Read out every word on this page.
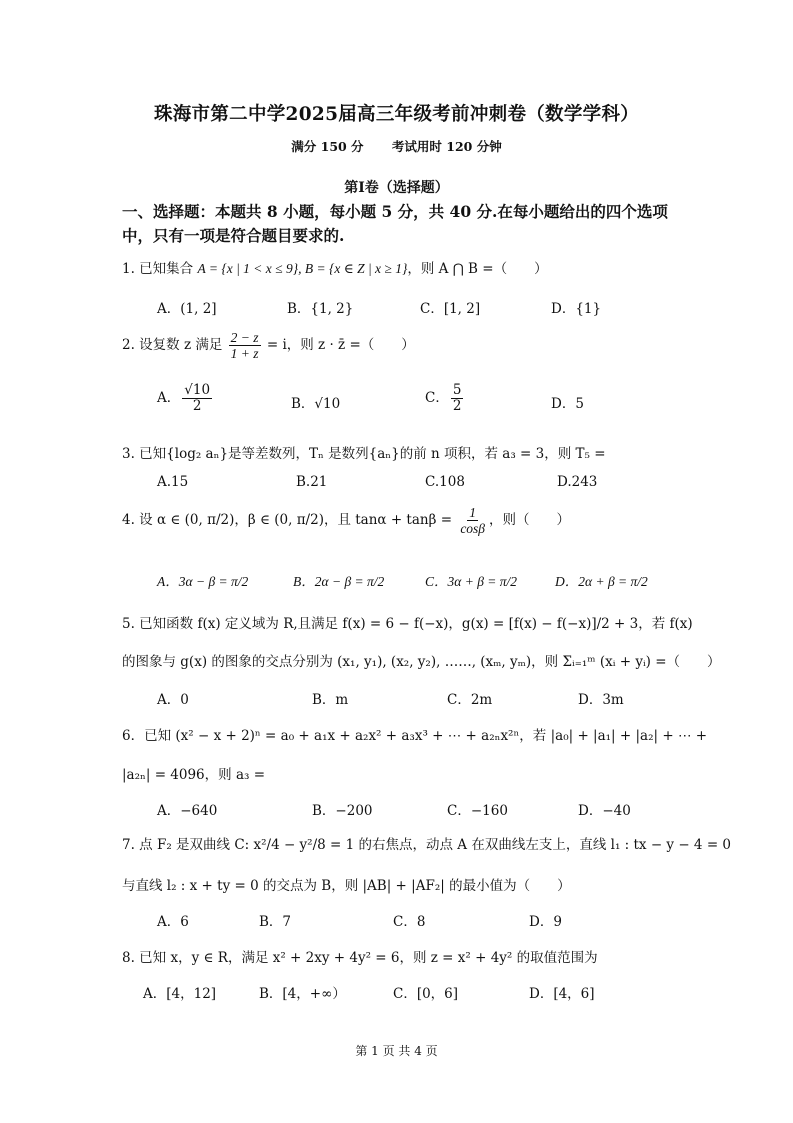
珠海市第二中学2025届高三年级考前冲刺卷（数学学科）
满分 150 分 考试用时 120 分钟
第Ⅰ卷（选择题）
一、选择题：本题共 8 小题，每小题 5 分，共 40 分.在每小题给出的四个选项中，只有一项是符合题目要求的.
1. 已知集合 A = {x | 1 < x ≤ 9}, B = {x ∈ Z | x ≥ 1}，则 A ⋂ B =（　　）
A．(1, 2]	B．{1, 2}	C．[1, 2]	D．{1}
2. 设复数 z 满足 $\frac{2 - z}{1 + z} = i$，则 z · z̄ =（　　）
A． $\frac{√10}{2}$	B．√10	C． $\frac{5}{2}$	D．5
3. 已知{log₂ aₙ}是等差数列，Tₙ 是数列{aₙ}的前 n 项积，若 a₃ = 3，则 T₅ =
A.15	B.21	C.108	D.243
4. 设 α ∈ (0, π/2)，β ∈ (0, π/2)，且 $\tan\alpha + \tan\beta = \frac{1}{\cos\beta}$ ，则（　　）
A．3α − β = π/2	B．2α − β = π/2	C．3α + β = π/2	D．2α + β = π/2
5. 已知函数 f(x) 定义域为 R,且满足 f(x) = 6 − f(−x)，g(x) = [f(x) − f(−x)]/2 + 3，若 f(x)
的图象与 g(x) 的图象的交点分别为 (x₁, y₁), (x₂, y₂), ……, (xₘ, yₘ)，则 Σᵢ₌₁ᵐ (xᵢ + yᵢ) =（　　）
A．0	B．m	C．2m	D．3m
6．已知 (x² − x + 2)ⁿ = a₀ + a₁x + a₂x² + a₃x³ + ⋯ + a₂ₙx²ⁿ，若 |a₀| + |a₁| + |a₂| + ⋯ +
|a₂ₙ| = 4096，则 a₃ =
A．−640	B．−200	C．−160	D．−40
7. 点 F₂ 是双曲线 C: x²/4 − y²/8 = 1 的右焦点，动点 A 在双曲线左支上，直线 l₁ : tx − y − 4 = 0
与直线 l₂ : x + ty = 0 的交点为 B，则 |AB| + |AF₂| 的最小值为（　　）
A．6	B．7	C．8	D．9
8. 已知 x，y ∈ R，满足 x² + 2xy + 4y² = 6，则 z = x² + 4y² 的取值范围为
A．[4，12]	B．[4，+∞）	C．[0，6]	D．[4，6]
第 1 页 共 4 页
